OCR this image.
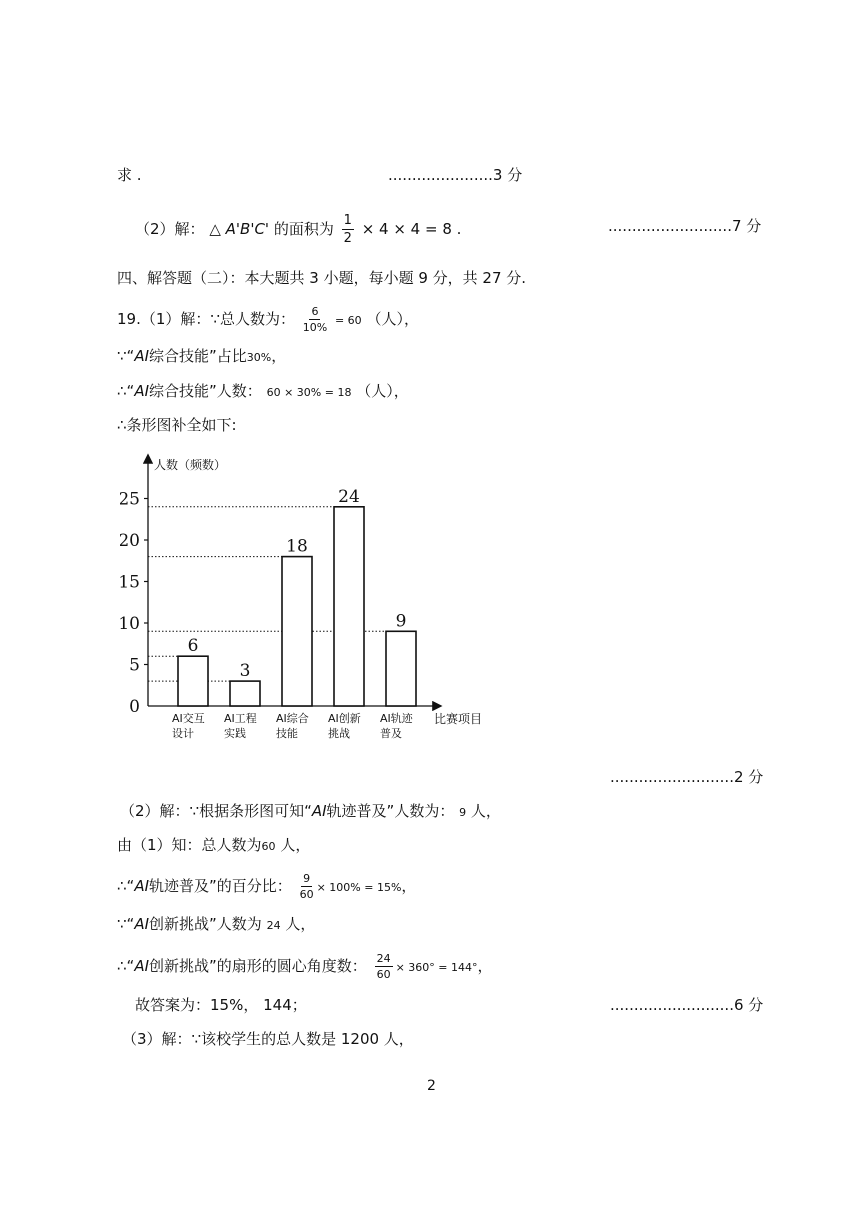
求 .	......................3 分
（2）解： △ A'B'C' 的面积为 $\frac{1}{2} \times 4 \times 4 = 8$ .	..........................7 分
四、解答题（二）：本大题共 3 小题，每小题 9 分，共 27 分.
19.（1）解：∵总人数为： $\frac{6}{10\%} = 60$ （人），
∵“AI综合技能”占比30%，
∴“AI综合技能”人数： 60 × 30% = 18 （人），
∴条形图补全如下:
人数（频数）
比赛项目
0
5
10
15
20
25
6
AI交互
设计
3
AI工程
实践
18
AI综合
技能
24
AI创新
挑战
9
AI轨迹
普及
..........................2 分
（2）解：∵根据条形图可知“AI轨迹普及”人数为： 9 人，
由（1）知：总人数为60 人，
∴“AI轨迹普及”的百分比： $\frac{9}{60} \times 100\% = 15\%$，
∵“AI创新挑战”人数为 24 人，
∴“AI创新挑战”的扇形的圆心角度数： $\frac{24}{60} \times 360^\circ = 144^\circ$，
故答案为：15%， 144；	..........................6 分
（3）解：∵该校学生的总人数是 1200 人，
2
